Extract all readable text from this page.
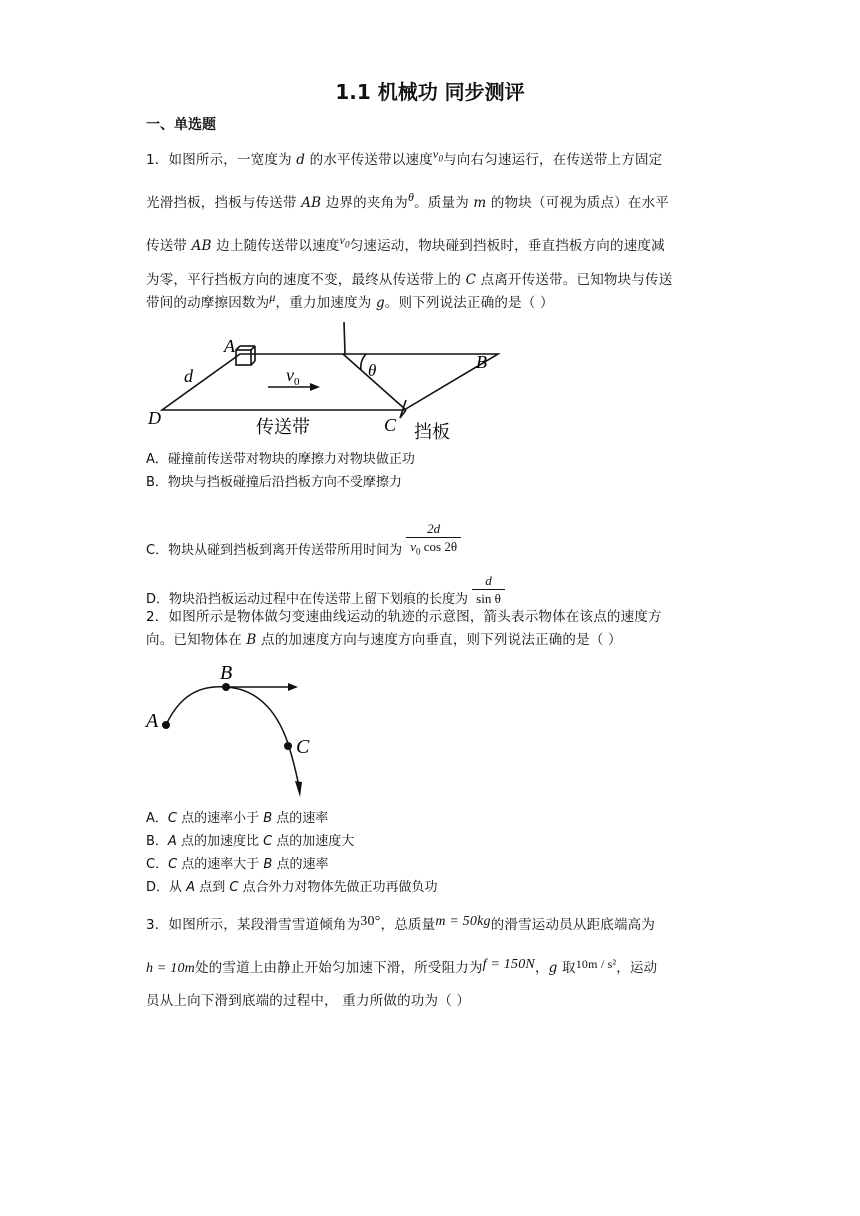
1.1 机械功 同步测评
一、单选题
1．如图所示，一宽度为 d 的水平传送带以速度$v_0$与向右匀速运行，在传送带上方固定
光滑挡板，挡板与传送带 AB 边界的夹角为θ。质量为 m 的物块（可视为质点）在水平
传送带 AB 边上随传送带以速度$v_0$匀速运动，物块碰到挡板时，垂直挡板方向的速度减
为零，平行挡板方向的速度不变，最终从传送带上的 C 点离开传送带。已知物块与传送
带间的动摩擦因数为μ，重力加速度为 g。则下列说法正确的是（ ）
A
B
C
D
d	$v_0$
θ
传送带	挡板
A．碰撞前传送带对物块的摩擦力对物块做正功
B．物块与挡板碰撞后沿挡板方向不受摩擦力
C．物块从碰到挡板到离开传送带所用时间为 $\frac{2d}{v_0 \cos 2\theta}$
D．物块沿挡板运动过程中在传送带上留下划痕的长度为 $\frac{d}{\text{sin θ}}$
2．如图所示是物体做匀变速曲线运动的轨迹的示意图，箭头表示物体在该点的速度方
向。已知物体在 B 点的加速度方向与速度方向垂直，则下列说法正确的是（ ）
A
B
C
A．C 点的速率小于 B 点的速率
B．A 点的加速度比 C 点的加速度大
C．C 点的速率大于 B 点的速率
D．从 A 点到 C 点合外力对物体先做正功再做负功
3．如图所示，某段滑雪雪道倾角为30°，总质量m = 50kg的滑雪运动员从距底端高为
h = 10m处的雪道上由静止开始匀加速下滑，所受阻力为f = 150N，g 取10m / s²，运动
员从上向下滑到底端的过程中， 重力所做的功为（ ）
